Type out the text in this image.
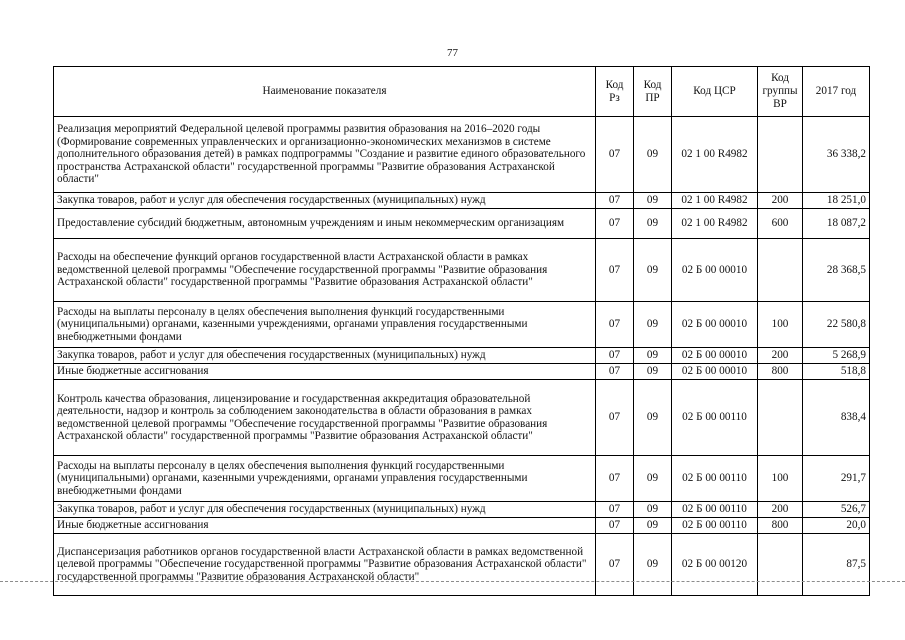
77
Наименование показателя	Код Рз	Код ПР	Код ЦСР	Код группы ВР	2017 год
Реализация мероприятий Федеральной целевой программы развития образования на 2016–2020 годы (Формирование современных управленческих и организационно-экономических механизмов в системе дополнительного образования детей) в рамках подпрограммы "Создание и развитие единого образовательного пространства Астраханской области" государственной программы "Развитие образования Астраханской области"	07	09	02 1 00 R4982		36 338,2
Закупка товаров, работ и услуг для обеспечения государственных (муниципальных) нужд	07	09	02 1 00 R4982	200	18 251,0
Предоставление субсидий бюджетным, автономным учреждениям и иным некоммерческим организациям	07	09	02 1 00 R4982	600	18 087,2
Расходы на обеспечение функций органов государственной власти Астраханской области в рамках ведомственной целевой программы "Обеспечение государственной программы "Развитие образования Астраханской области" государственной программы "Развитие образования Астраханской области"	07	09	02 Б 00 00010		28 368,5
Расходы на выплаты персоналу в целях обеспечения выполнения функций государственными (муниципальными) органами, казенными учреждениями, органами управления государственными внебюджетными фондами	07	09	02 Б 00 00010	100	22 580,8
Закупка товаров, работ и услуг для обеспечения государственных (муниципальных) нужд	07	09	02 Б 00 00010	200	5 268,9
Иные бюджетные ассигнования	07	09	02 Б 00 00010	800	518,8
Контроль качества образования, лицензирование и государственная аккредитация образовательной деятельности, надзор и контроль за соблюдением законодательства в области образования в рамках ведомственной целевой программы "Обеспечение государственной программы "Развитие образования Астраханской области" государственной программы "Развитие образования Астраханской области"	07	09	02 Б 00 00110		838,4
Расходы на выплаты персоналу в целях обеспечения выполнения функций государственными (муниципальными) органами, казенными учреждениями, органами управления государственными внебюджетными фондами	07	09	02 Б 00 00110	100	291,7
Закупка товаров, работ и услуг для обеспечения государственных (муниципальных) нужд	07	09	02 Б 00 00110	200	526,7
Иные бюджетные ассигнования	07	09	02 Б 00 00110	800	20,0
Диспансеризация работников органов государственной власти Астраханской области в рамках ведомственной целевой программы "Обеспечение государственной программы "Развитие образования Астраханской области" государственной программы "Развитие образования Астраханской области"	07	09	02 Б 00 00120		87,5
